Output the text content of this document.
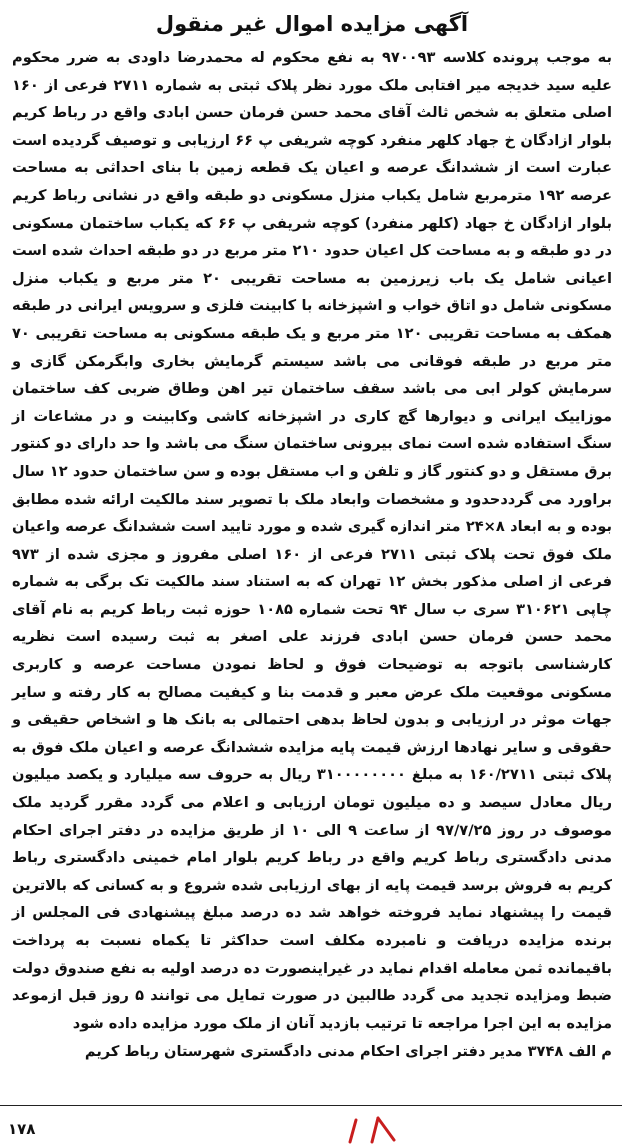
آگهی مزایده اموال غیر منقول

به موجب پرونده کلاسه ۹۷۰۰۹۳ به نفع محکوم له محمدرضا داودی به ضرر محکوم علیه سید خدیجه میر افتابی ملک مورد نظر پلاک ثبتی به شماره ۲۷۱۱ فرعی از ۱۶۰ اصلی متعلق به شخص ثالث آقای محمد حسن فرمان حسن ابادی واقع در رباط کریم بلوار ازادگان خ جهاد کلهر منفرد کوچه شریفی پ ۶۶ ارزیابی و توصیف گردیده است عبارت است از ششدانگ عرصه و اعیان یک قطعه زمین با بنای احداثی به مساحت عرصه ۱۹۲ مترمربع شامل یکباب منزل مسکونی دو طبقه واقع در نشانی رباط کریم بلوار ازادگان خ جهاد (کلهر منفرد) کوچه شریفی پ ۶۶ که یکباب ساختمان مسکونی در دو طبقه و به مساحت کل اعیان حدود ۲۱۰ متر مربع در دو طبقه احداث شده است اعیانی شامل یک باب زیرزمین به مساحت تقریبی ۲۰ متر مربع و یکباب منزل مسکونی شامل دو اتاق خواب و اشپزخانه با کابینت فلزی و سرویس ایرانی در طبقه همکف به مساحت تقریبی ۱۲۰ متر مربع و یک طبقه مسکونی به مساحت تقریبی ۷۰ متر مربع در طبقه فوقانی می باشد سیستم گرمایش بخاری وابگرمکن گازی و سرمایش کولر ابی می باشد سقف ساختمان تیر اهن وطاق ضربی کف ساختمان موزاییک ایرانی و دیوارها گچ کاری در اشپزخانه کاشی وکابینت و در مشاعات از سنگ استفاده شده است نمای بیرونی ساختمان سنگ می باشد وا حد دارای دو کنتور برق مستقل و دو کنتور گاز و تلفن و اب مستقل بوده و سن ساختمان حدود ۱۲ سال براورد می گرددحدود و مشخصات وابعاد ملک با تصویر سند مالکیت ارائه شده مطابق بوده و به ابعاد ۸×۲۴ متر اندازه گیری شده و مورد تایید است ششدانگ عرصه واعیان ملک فوق تحت پلاک ثبتی ۲۷۱۱ فرعی از ۱۶۰ اصلی مفروز و مجزی شده از ۹۷۳ فرعی از اصلی مذکور بخش ۱۲ تهران که به استناد سند مالکیت تک برگی به شماره چاپی ۳۱۰۶۲۱ سری ب سال ۹۴ تحت شماره ۱۰۸۵ حوزه ثبت رباط کریم به نام آقای محمد حسن فرمان حسن ابادی فرزند علی اصغر به ثبت رسیده است نظریه کارشناسی باتوجه به توضیحات فوق و لحاظ نمودن مساحت عرصه و کاربری مسکونی موقعیت ملک عرض معبر و قدمت بنا و کیفیت مصالح به کار رفته و سایر جهات موثر در ارزیابی و بدون لحاظ بدهی احتمالی به بانک ها و اشخاص حقیقی و حقوقی و سایر نهادها ارزش قیمت پایه مزایده ششدانگ عرصه و اعیان ملک فوق به پلاک ثبتی ۱۶۰/۲۷۱۱ به مبلغ ۳۱۰۰۰۰۰۰۰۰ ریال به حروف سه میلیارد و یکصد میلیون ریال معادل سیصد و ده میلیون تومان ارزیابی و اعلام می گردد مقرر گردید ملک موصوف در روز ۹۷/۷/۲۵ از ساعت ۹ الی ۱۰ از طریق مزایده در دفتر اجرای احکام مدنی دادگستری رباط کریم واقع در رباط کریم بلوار امام خمینی دادگستری رباط کریم به فروش برسد قیمت پایه از بهای ارزیابی شده شروع و به کسانی که بالاترین قیمت را پیشنهاد نماید فروخته خواهد شد ده درصد مبلغ پیشنهادی فی المجلس از برنده مزایده دریافت و نامبرده مکلف است حداکثر تا یکماه نسبت به پرداخت باقیمانده ثمن معامله اقدام نماید در غیراینصورت ده درصد اولیه به نفع صندوق دولت ضبط ومزایده تجدید می گردد طالبین در صورت تمایل می توانند ۵ روز قبل ازموعد مزایده به این اجرا مراجعه تا ترتیب بازدید آنان از ملک مورد مزایده داده شود

م الف ۳۷۴۸ مدیر دفتر اجرای احکام مدنی دادگستری شهرستان رباط کریم
۱۷۸
